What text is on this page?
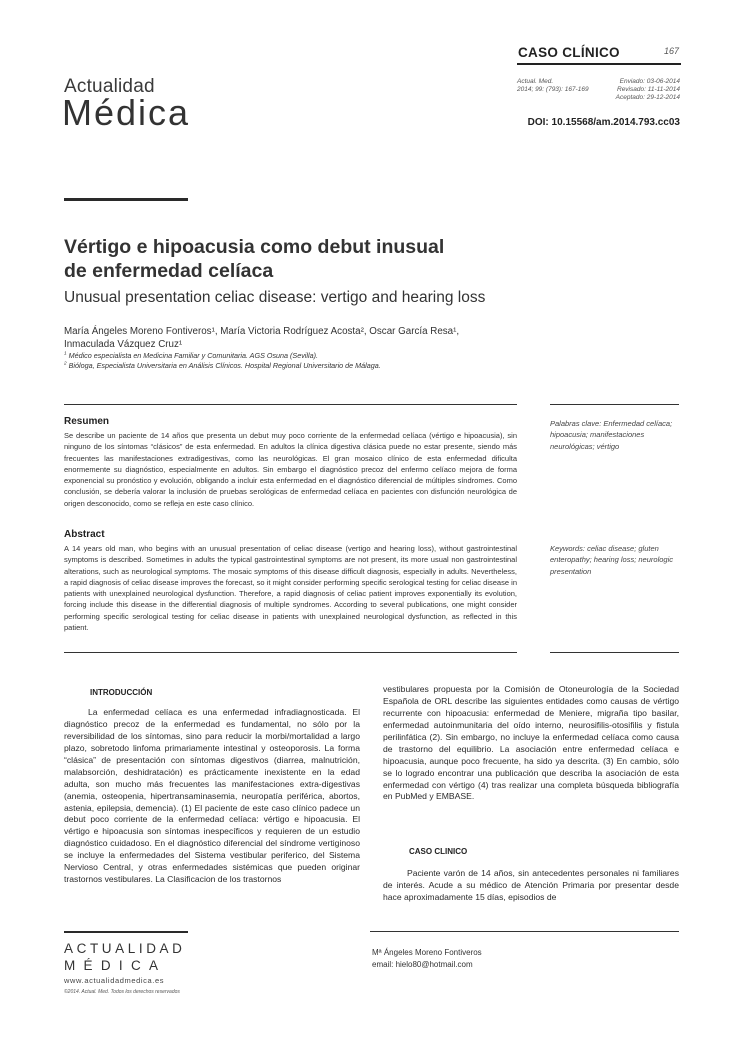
Actualidad
Médica
CASO CLÍNICO	167
Actual. Med.
2014; 99: (793): 167-169
Enviado: 03-06-2014
Revisado: 11-11-2014
Aceptado: 29-12-2014
DOI: 10.15568/am.2014.793.cc03
Vértigo e hipoacusia como debut inusual
de enfermedad celíaca
Unusual presentation celiac disease: vertigo and hearing loss
María Ángeles Moreno Fontiveros¹, María Victoria Rodríguez Acosta², Oscar García Resa¹,
Inmaculada Vázquez Cruz¹
$^1$ Médico especialista en Medicina Familiar y Comunitaria. AGS Osuna (Sevilla).
$^2$ Bióloga, Especialista Universitaria en Análisis Clínicos. Hospital Regional Universitario de Málaga.
Resumen
Se describe un paciente de 14 años que presenta un debut muy poco corriente de la enfermedad celíaca (vértigo e hipoacusia), sin ninguno de los síntomas “clásicos” de esta enfermedad. En adultos la clínica digestiva clásica puede no estar presente, siendo más frecuentes las manifestaciones extradigestivas, como las neurológicas. El gran mosaico clínico de esta enfermedad dificulta enormemente su diagnóstico, especialmente en adultos. Sin embargo el diagnóstico precoz del enfermo celíaco mejora de forma exponencial su pronóstico y evolución, obligando a incluir esta enfermedad en el diagnóstico diferencial de múltiples síndromes. Como conclusión, se debería valorar la inclusión de pruebas serológicas de enfermedad celíaca en pacientes con disfunción neurológica de origen desconocido, como se refleja en este caso clínico.
Palabras clave: Enfermedad celíaca; hipoacusia; manifestaciones neurológicas; vértigo
Abstract
A 14 years old man, who begins with an unusual presentation of celiac disease (vertigo and hearing loss), without gastrointestinal symptoms is described. Sometimes in adults the typical gastrointestinal symptoms are not present, its more usual non gastrointestinal alterations, such as neurological symptoms. The mosaic symptoms of this disease difficult diagnosis, especially in adults. Nevertheless, a rapid diagnosis of celiac disease improves the forecast, so it might consider performing specific serological testing for celiac disease in patients with unexplained neurological dysfunction. Therefore, a rapid diagnosis of celiac patient improves exponentially its evolution, forcing include this disease in the differential diagnosis of multiple syndromes. According to several publications, one might consider performing specific serological testing for celiac disease in patients with unexplained neurological dysfunction, as reflected in this patient.
Keywords: celiac disease; gluten enteropathy; hearing loss; neurologic presentation
INTRODUCCIÓN

La enfermedad celíaca es una enfermedad infradiagnosticada. El diagnóstico precoz de la enfermedad es fundamental, no sólo por la reversibilidad de los síntomas, sino para reducir la morbi/mortalidad a largo plazo, sobretodo linfoma primariamente intestinal y osteoporosis. La forma “clásica” de presentación con síntomas digestivos (diarrea, malnutrición, malabsorción, deshidratación) es prácticamente inexistente en la edad adulta, son mucho más frecuentes las manifestaciones extra-digestivas (anemia, osteopenia, hipertransaminasemia, neuropatía periférica, abortos, astenia, epilepsia, demencia). (1) El paciente de este caso clínico padece un debut poco corriente de la enfermedad celíaca: vértigo e hipoacusia. El vértigo e hipoacusia son síntomas inespecíficos y requieren de un estudio diagnóstico cuidadoso. En el diagnóstico diferencial del síndrome vertiginoso se incluye la enfermedades del Sistema vestibular periferico, del Sistema Nervioso Central, y otras enfermedades sistémicas que pueden originar trastornos vestibulares. La Clasificacion de los trastornos

vestibulares propuesta por la Comisión de Otoneurología de la Sociedad Española de ORL describe las siguientes entidades como causas de vértigo recurrente con hipoacusia: enfermedad de Meniere, migraña tipo basilar, enfermedad autoinmunitaria del oído interno, neurosifilis-otosifilis y fistula perilinfática (2). Sin embargo, no incluye la enfermedad celíaca como causa de trastorno del equilibrio. La asociación entre enfermedad celíaca e hipoacusia, aunque poco frecuente, ha sido ya descrita. (3) En cambio, sólo se lo logrado encontrar una publicación que describa la asociación de esta enfermedad con vértigo (4) tras realizar una completa búsqueda bibliografía en PubMed y EMBASE.

CASO CLINICO

Paciente varón de 14 años, sin antecedentes personales ni familiares de interés. Acude a su médico de Atención Primaria por presentar desde hace aproximadamente 15 días, episodios de

ACTUALIDAD
MÉDICA
www.actualidadmedica.es
©2014. Actual. Med. Todos los derechos reservados
Mª Ángeles Moreno Fontiveros
email: hielo80@hotmail.com
